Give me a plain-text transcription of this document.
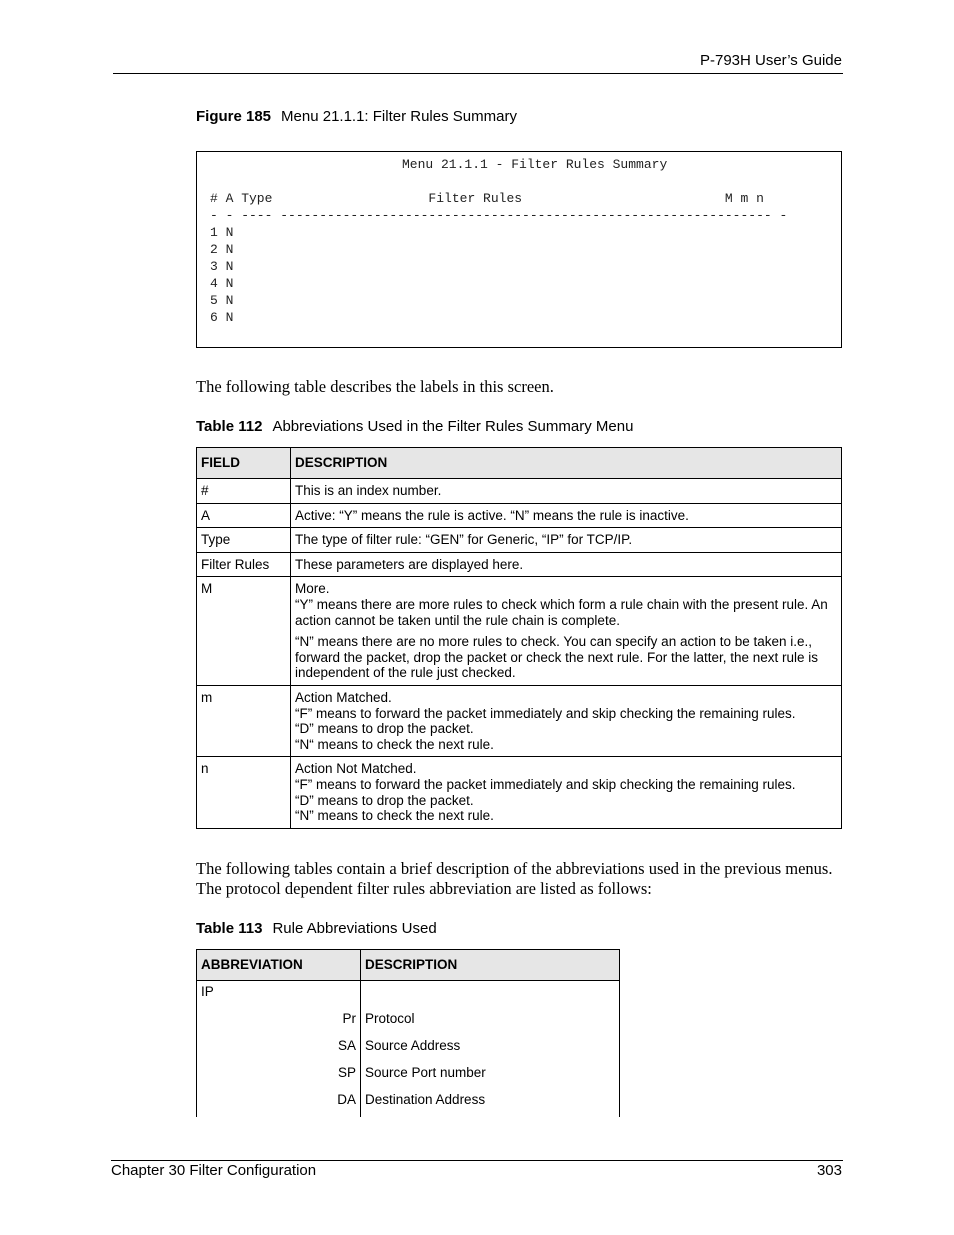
P-793H User’s Guide
Figure 185 Menu 21.1.1: Filter Rules Summary
Menu 21.1.1 - Filter Rules Summary
# A Type                    Filter Rules                          M m n
- - ---- --------------------------------------------------------------- -
1 N
2 N
3 N
4 N
5 N
6 N
The following table describes the labels in this screen.
Table 112 Abbreviations Used in the Filter Rules Summary Menu
FIELD	DESCRIPTION
#	This is an index number.

A	Active: “Y” means the rule is active. “N” means the rule is inactive.

Type	The type of filter rule: “GEN” for Generic, “IP” for TCP/IP.

Filter Rules	These parameters are displayed here.

M	More.
“Y” means there are more rules to check which form a rule chain with the present rule. An action cannot be taken until the rule chain is complete.
“N” means there are no more rules to check. You can specify an action to be taken i.e., forward the packet, drop the packet or check the next rule. For the latter, the next rule is independent of the rule just checked.

m	Action Matched.
“F” means to forward the packet immediately and skip checking the remaining rules.
“D” means to drop the packet.
“N“ means to check the next rule.

n	Action Not Matched.
“F” means to forward the packet immediately and skip checking the remaining rules.
“D” means to drop the packet.
“N” means to check the next rule.
The following tables contain a brief description of the abbreviations used in the previous menus. The protocol dependent filter rules abbreviation are listed as follows:
Table 113 Rule Abbreviations Used
ABBREVIATION	DESCRIPTION
IP	
Pr	Protocol
SA	Source Address
SP	Source Port number
DA	Destination Address
Chapter 30 Filter Configuration	303
